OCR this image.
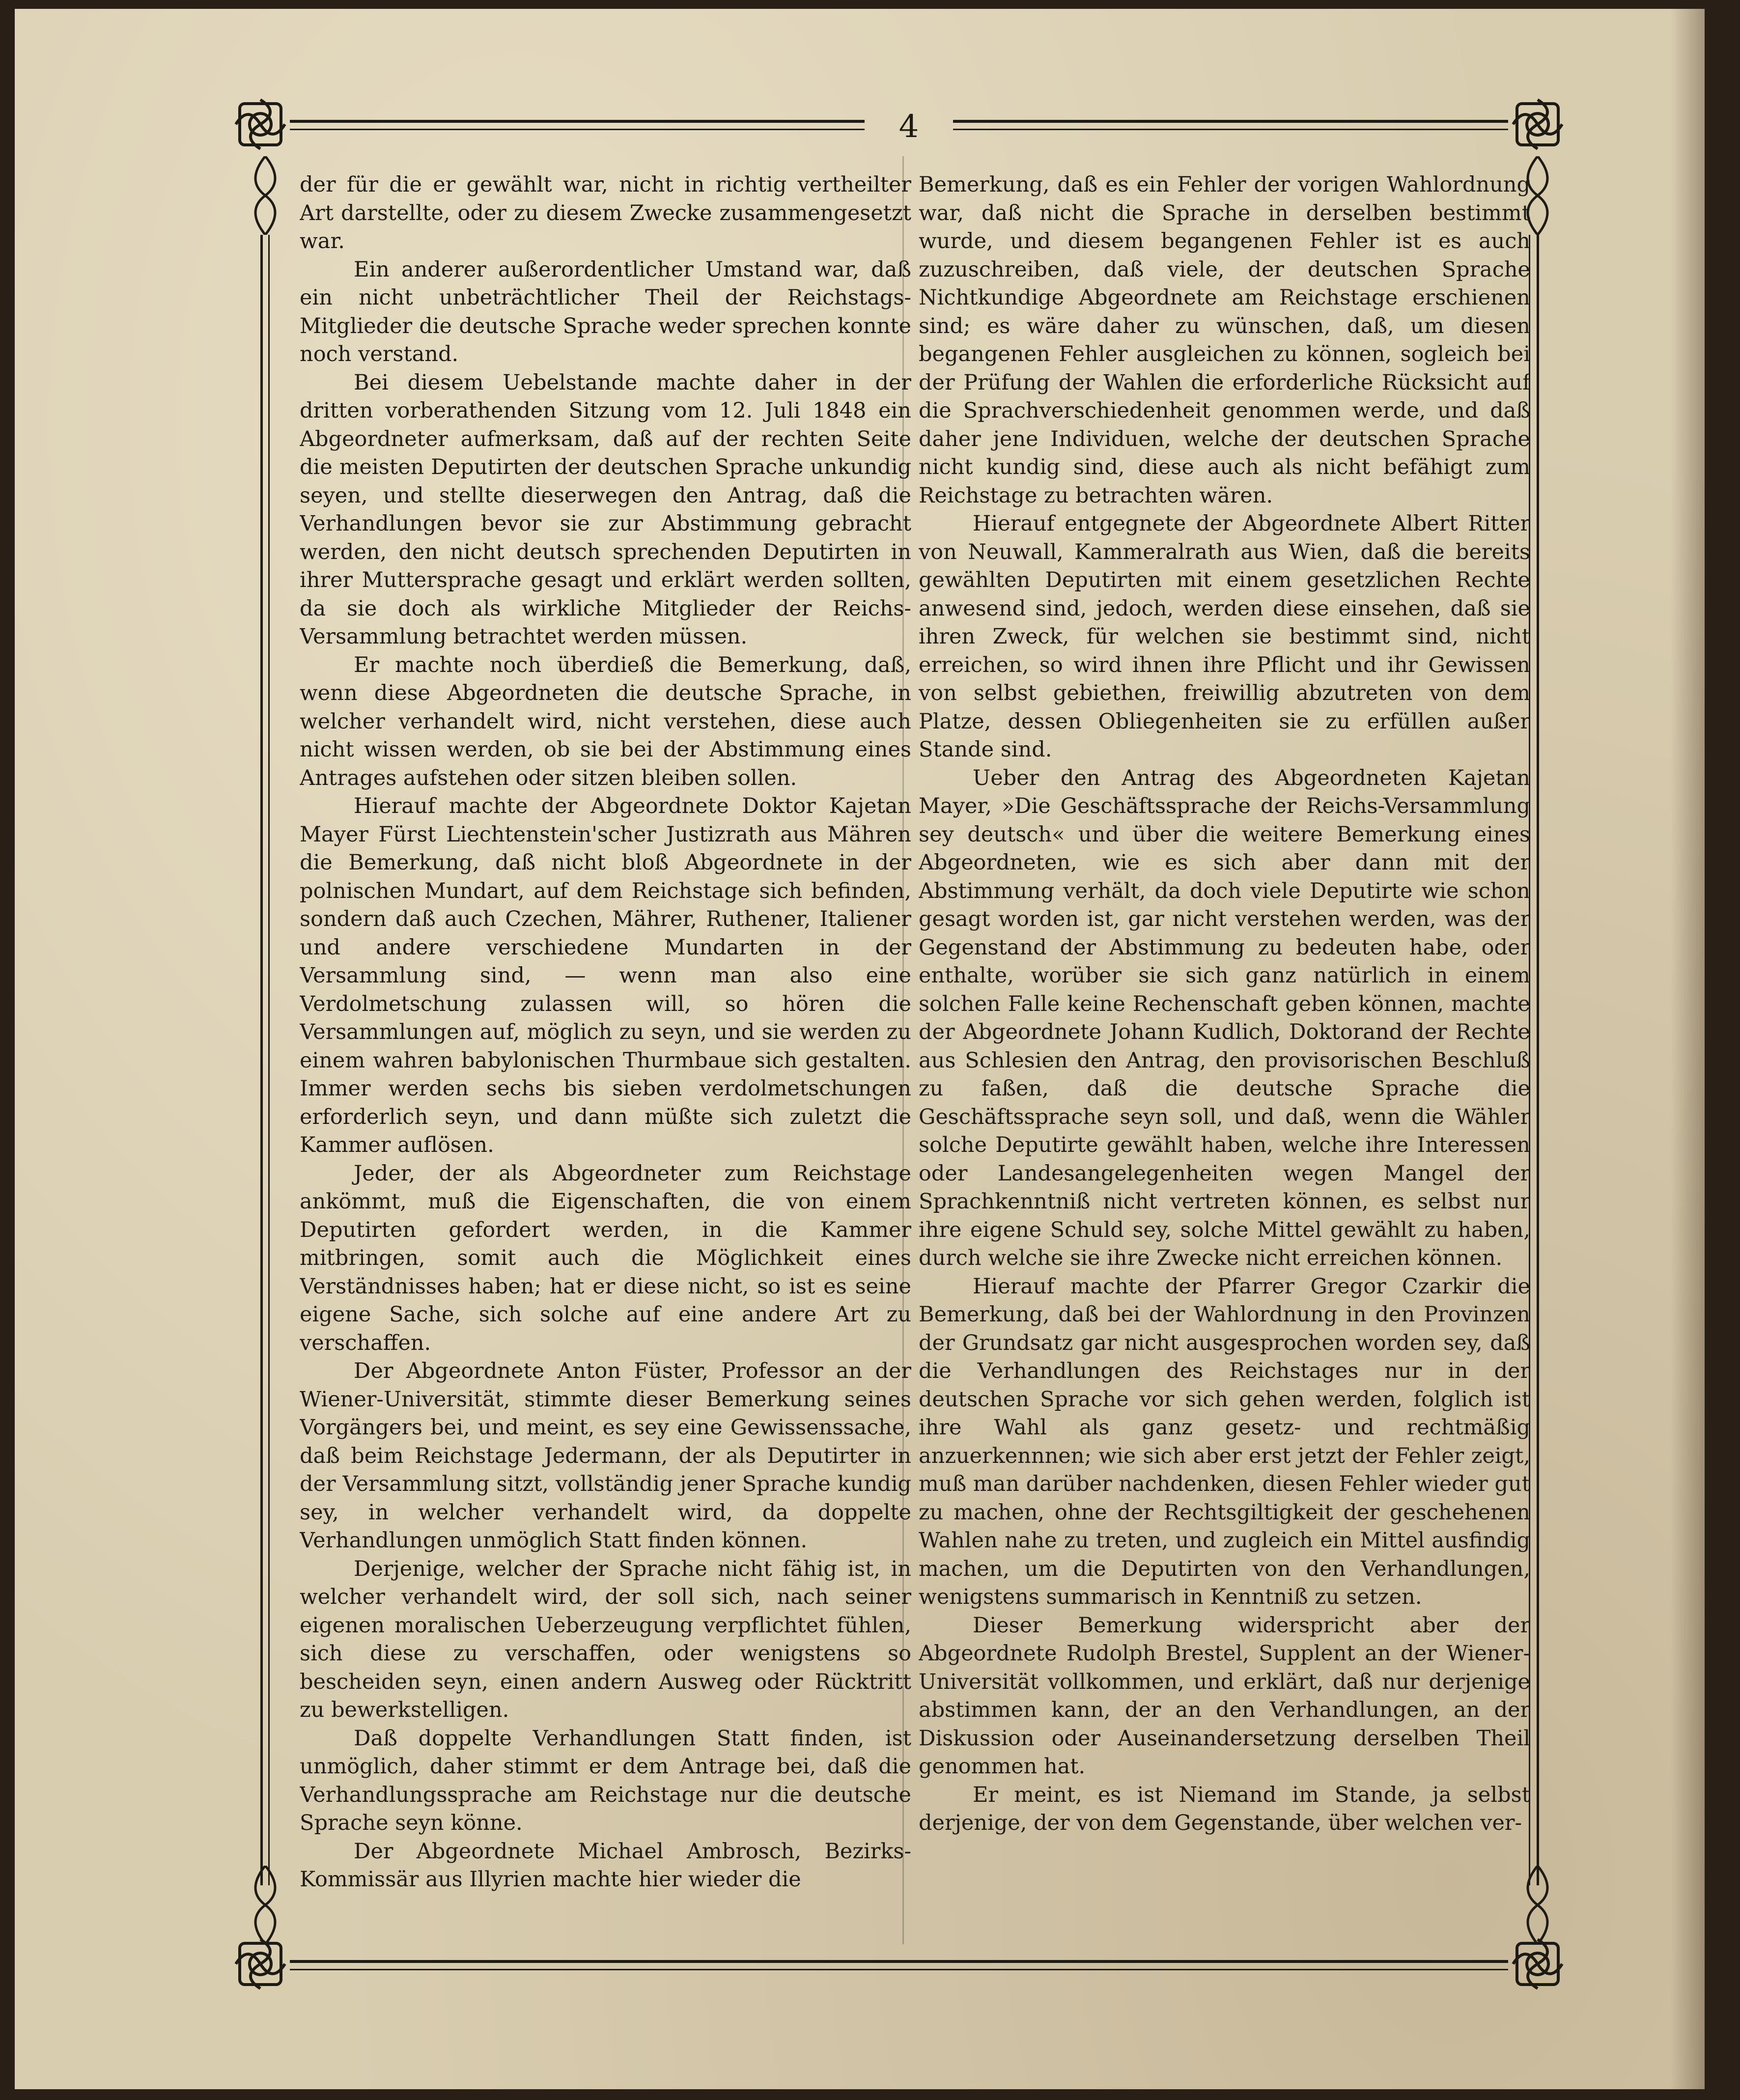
4

der für die er gewählt war, nicht in richtig vertheilter Art darstellte, oder zu diesem Zwecke zusammengesetzt war.

Ein anderer außerordentlicher Umstand war, daß ein nicht unbeträchtlicher Theil der Reichstags-Mitglieder die deutsche Sprache weder sprechen konnte noch verstand.

Bei diesem Uebelstande machte daher in der dritten vorberathenden Sitzung vom 12. Juli 1848 ein Abgeordneter aufmerksam, daß auf der rechten Seite die meisten Deputirten der deutschen Sprache unkundig seyen, und stellte dieserwegen den Antrag, daß die Verhandlungen bevor sie zur Abstimmung gebracht werden, den nicht deutsch sprechenden Deputirten in ihrer Muttersprache gesagt und erklärt werden sollten, da sie doch als wirkliche Mitglieder der Reichs-Versammlung betrachtet werden müssen.

Er machte noch überdieß die Bemerkung, daß, wenn diese Abgeordneten die deutsche Sprache, in welcher verhandelt wird, nicht verstehen, diese auch nicht wissen werden, ob sie bei der Abstimmung eines Antrages aufstehen oder sitzen bleiben sollen.

Hierauf machte der Abgeordnete Doktor Kajetan Mayer Fürst Liechtenstein'scher Justizrath aus Mähren die Bemerkung, daß nicht bloß Abgeordnete in der polnischen Mundart, auf dem Reichstage sich befinden, sondern daß auch Czechen, Mährer, Ruthener, Italiener und andere verschiedene Mundarten in der Versammlung sind, — wenn man also eine Verdolmetschung zulassen will, so hören die Versammlungen auf, möglich zu seyn, und sie werden zu einem wahren babylonischen Thurmbaue sich gestalten. Immer werden sechs bis sieben verdolmetschungen erforderlich seyn, und dann müßte sich zuletzt die Kammer auflösen.

Jeder, der als Abgeordneter zum Reichstage ankömmt, muß die Eigenschaften, die von einem Deputirten gefordert werden, in die Kammer mitbringen, somit auch die Möglichkeit eines Verständnisses haben; hat er diese nicht, so ist es seine eigene Sache, sich solche auf eine andere Art zu verschaffen.

Der Abgeordnete Anton Füster, Professor an der Wiener-Universität, stimmte dieser Bemerkung seines Vorgängers bei, und meint, es sey eine Gewissenssache, daß beim Reichstage Jedermann, der als Deputirter in der Versammlung sitzt, vollständig jener Sprache kundig sey, in welcher verhandelt wird, da doppelte Verhandlungen unmöglich Statt finden können.

Derjenige, welcher der Sprache nicht fähig ist, in welcher verhandelt wird, der soll sich, nach seiner eigenen moralischen Ueberzeugung verpflichtet fühlen, sich diese zu verschaffen, oder wenigstens so bescheiden seyn, einen andern Ausweg oder Rücktritt zu bewerkstelligen.

Daß doppelte Verhandlungen Statt finden, ist unmöglich, daher stimmt er dem Antrage bei, daß die Verhandlungssprache am Reichstage nur die deutsche Sprache seyn könne.

Der Abgeordnete Michael Ambrosch, Bezirks-Kommissär aus Illyrien machte hier wieder die

Bemerkung, daß es ein Fehler der vorigen Wahlordnung war, daß nicht die Sprache in derselben bestimmt wurde, und diesem begangenen Fehler ist es auch zuzuschreiben, daß viele, der deutschen Sprache Nichtkundige Abgeordnete am Reichstage erschienen sind; es wäre daher zu wünschen, daß, um diesen begangenen Fehler ausgleichen zu können, sogleich bei der Prüfung der Wahlen die erforderliche Rücksicht auf die Sprachverschiedenheit genommen werde, und daß daher jene Individuen, welche der deutschen Sprache nicht kundig sind, diese auch als nicht befähigt zum Reichstage zu betrachten wären.

Hierauf entgegnete der Abgeordnete Albert Ritter von Neuwall, Kammeralrath aus Wien, daß die bereits gewählten Deputirten mit einem gesetzlichen Rechte anwesend sind, jedoch, werden diese einsehen, daß sie ihren Zweck, für welchen sie bestimmt sind, nicht erreichen, so wird ihnen ihre Pflicht und ihr Gewissen von selbst gebiethen, freiwillig abzutreten von dem Platze, dessen Obliegenheiten sie zu erfüllen außer Stande sind.

Ueber den Antrag des Abgeordneten Kajetan Mayer, »Die Geschäftssprache der Reichs-Versammlung sey deutsch« und über die weitere Bemerkung eines Abgeordneten, wie es sich aber dann mit der Abstimmung verhält, da doch viele Deputirte wie schon gesagt worden ist, gar nicht verstehen werden, was der Gegenstand der Abstimmung zu bedeuten habe, oder enthalte, worüber sie sich ganz natürlich in einem solchen Falle keine Rechenschaft geben können, machte der Abgeordnete Johann Kudlich, Doktorand der Rechte aus Schlesien den Antrag, den provisorischen Beschluß zu faßen, daß die deutsche Sprache die Geschäftssprache seyn soll, und daß, wenn die Wähler solche Deputirte gewählt haben, welche ihre Interessen oder Landesangelegenheiten wegen Mangel der Sprachkenntniß nicht vertreten können, es selbst nur ihre eigene Schuld sey, solche Mittel gewählt zu haben, durch welche sie ihre Zwecke nicht erreichen können.

Hierauf machte der Pfarrer Gregor Czarkir die Bemerkung, daß bei der Wahlordnung in den Provinzen der Grundsatz gar nicht ausgesprochen worden sey, daß die Verhandlungen des Reichstages nur in der deutschen Sprache vor sich gehen werden, folglich ist ihre Wahl als ganz gesetz- und rechtmäßig anzuerkennnen; wie sich aber erst jetzt der Fehler zeigt, muß man darüber nachdenken, diesen Fehler wieder gut zu machen, ohne der Rechtsgiltigkeit der geschehenen Wahlen nahe zu treten, und zugleich ein Mittel ausfindig machen, um die Deputirten von den Verhandlungen, wenigstens summarisch in Kenntniß zu setzen.

Dieser Bemerkung widerspricht aber der Abgeordnete Rudolph Brestel, Supplent an der Wiener-Universität vollkommen, und erklärt, daß nur derjenige abstimmen kann, der an den Verhandlungen, an der Diskussion oder Auseinandersetzung derselben Theil genommen hat.

Er meint, es ist Niemand im Stande, ja selbst derjenige, der von dem Gegenstande, über welchen ver-
